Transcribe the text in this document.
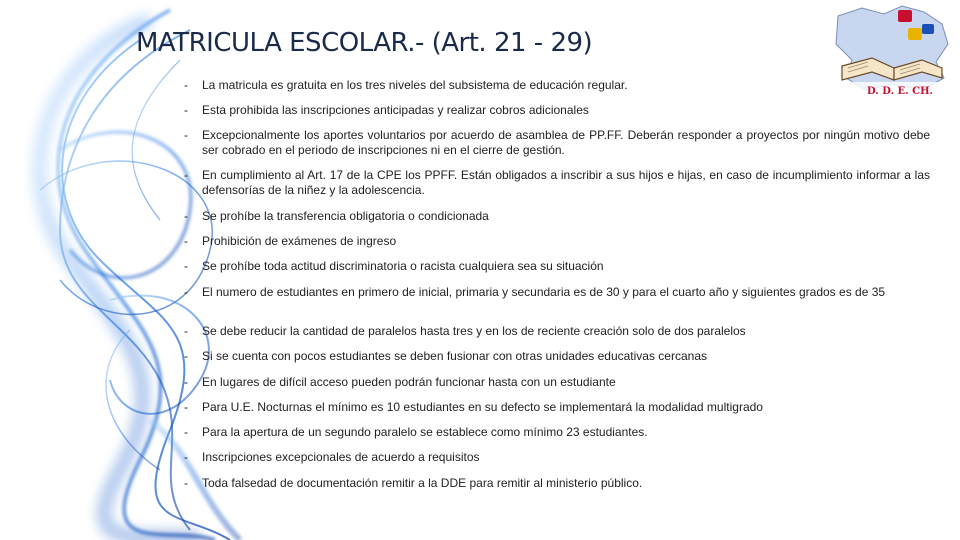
MATRICULA ESCOLAR.- (Art. 21 - 29)
D. D. E. CH.
- La matricula es gratuita en los tres niveles del subsistema de educación regular.
- Esta prohibida las inscripciones anticipadas y realizar cobros adicionales
- Excepcionalmente los aportes voluntarios por acuerdo de asamblea de PP.FF. Deberán responder a proyectos por ningún motivo debe ser cobrado en el periodo de inscripciones ni en el cierre de gestión.
- En cumplimiento al Art. 17 de la CPE los PPFF. Están obligados a inscribir a sus hijos e hijas, en caso de incumplimiento informar a las defensorías de la niñez y la adolescencia.
- Se prohíbe la transferencia obligatoria o condicionada
- Prohibición de exámenes de ingreso
- Se prohíbe toda actitud discriminatoria o racista cualquiera sea su situación
- El numero de estudiantes en primero de inicial, primaria y secundaria es de 30 y para el cuarto año y siguientes grados es de 35
- Se debe reducir la cantidad de paralelos hasta tres y en los de reciente creación solo de dos paralelos
- Si se cuenta con pocos estudiantes se deben fusionar con otras unidades educativas cercanas
- En lugares de difícil acceso pueden podrán funcionar hasta con un estudiante
- Para U.E. Nocturnas el mínimo es 10 estudiantes en su defecto se implementará la modalidad multigrado
- Para la apertura de un segundo paralelo se establece como mínimo 23 estudiantes.
- Inscripciones excepcionales de acuerdo a requisitos
- Toda falsedad de documentación remitir a la DDE para remitir al ministerio público.
